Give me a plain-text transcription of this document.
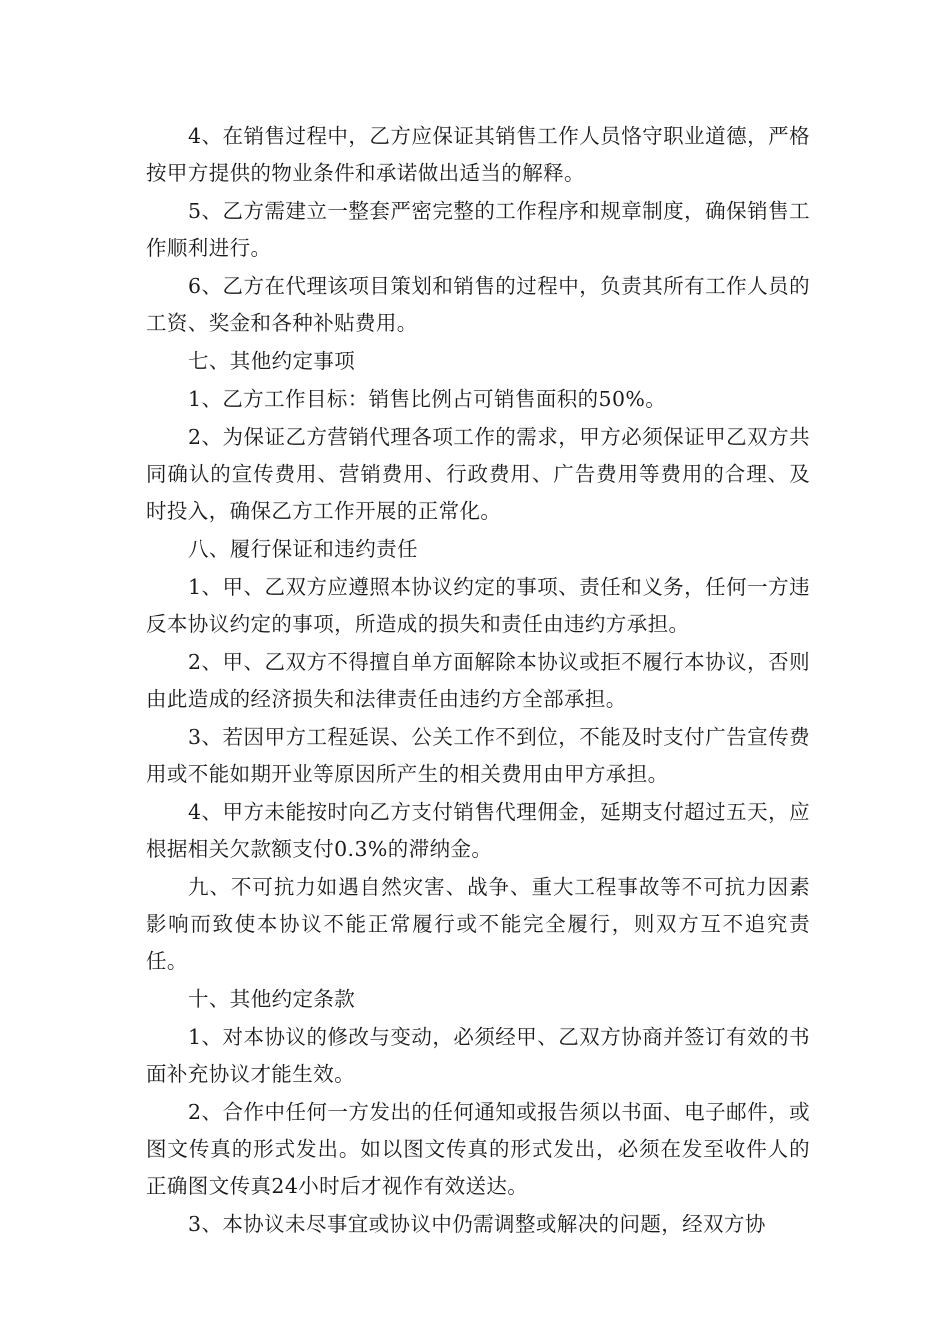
4、在销售过程中，乙方应保证其销售工作人员恪守职业道德，严格按甲方提供的物业条件和承诺做出适当的解释。

5、乙方需建立一整套严密完整的工作程序和规章制度，确保销售工作顺利进行。

6、乙方在代理该项目策划和销售的过程中，负责其所有工作人员的工资、奖金和各种补贴费用。

七、其他约定事项

1、乙方工作目标：销售比例占可销售面积的50%。

2、为保证乙方营销代理各项工作的需求，甲方必须保证甲乙双方共同确认的宣传费用、营销费用、行政费用、广告费用等费用的合理、及时投入，确保乙方工作开展的正常化。

八、履行保证和违约责任

1、甲、乙双方应遵照本协议约定的事项、责任和义务，任何一方违反本协议约定的事项，所造成的损失和责任由违约方承担。

2、甲、乙双方不得擅自单方面解除本协议或拒不履行本协议，否则由此造成的经济损失和法律责任由违约方全部承担。

3、若因甲方工程延误、公关工作不到位，不能及时支付广告宣传费用或不能如期开业等原因所产生的相关费用由甲方承担。

4、甲方未能按时向乙方支付销售代理佣金，延期支付超过五天，应根据相关欠款额支付0.3%的滞纳金。

九、不可抗力如遇自然灾害、战争、重大工程事故等不可抗力因素影响而致使本协议不能正常履行或不能完全履行，则双方互不追究责任。

十、其他约定条款

1、对本协议的修改与变动，必须经甲、乙双方协商并签订有效的书面补充协议才能生效。

2、合作中任何一方发出的任何通知或报告须以书面、电子邮件，或图文传真的形式发出。如以图文传真的形式发出，必须在发至收件人的正确图文传真24小时后才视作有效送达。

3、本协议未尽事宜或协议中仍需调整或解决的问题，经双方协
